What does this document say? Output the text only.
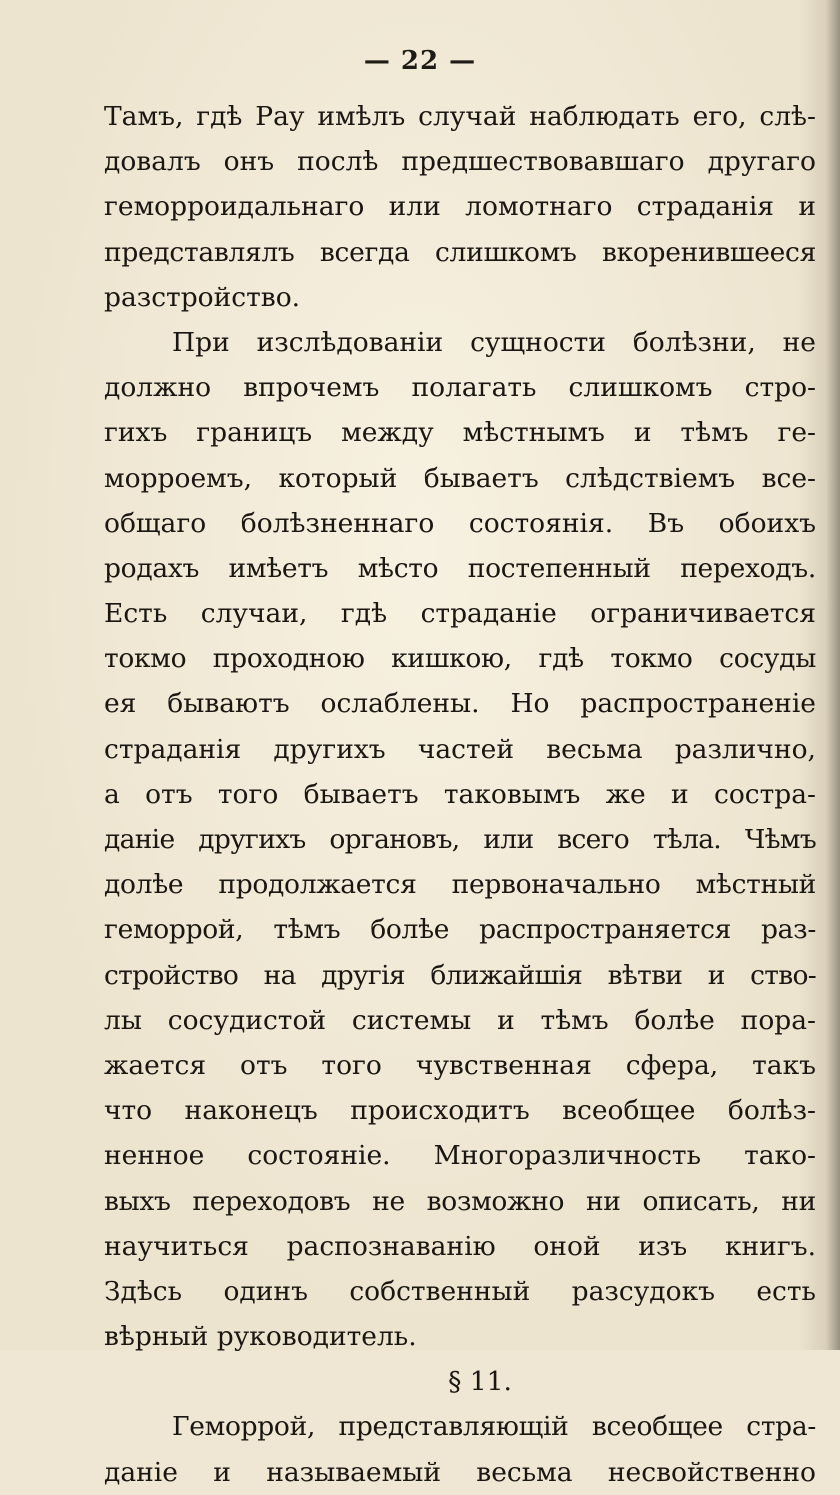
— 22 —
Тамъ, гдѣ Рау имѣлъ случай наблюдать его, слѣ-
довалъ онъ послѣ предшествовавшаго другаго
геморроидальнаго или ломотнаго страданія и
представлялъ всегда слишкомъ вкоренившееся
разстройство.
При изслѣдованіи сущности болѣзни, не
должно впрочемъ полагать слишкомъ стро-
гихъ границъ между мѣстнымъ и тѣмъ ге-
морроемъ, который бываетъ слѣдствіемъ все-
общаго болѣзненнаго состоянія. Въ обоихъ
родахъ имѣетъ мѣсто постепенный переходъ.
Есть случаи, гдѣ страданіе ограничивается
токмо проходною кишкою, гдѣ токмо сосуды
ея бываютъ ослаблены. Но распространеніе
страданія другихъ частей весьма различно,
а отъ того бываетъ таковымъ же и состра-
даніе другихъ органовъ, или всего тѣла. Чѣмъ
долѣе продолжается первоначально мѣстный
геморрой, тѣмъ болѣе распространяется раз-
стройство на другія ближайшія вѣтви и ство-
лы сосудистой системы и тѣмъ болѣе пора-
жается отъ того чувственная сфера, такъ
что наконецъ происходитъ всеобщее болѣз-
ненное состояніе. Многоразличность тако-
выхъ переходовъ не возможно ни описать, ни
научиться распознаванію оной изъ книгъ.
Здѣсь одинъ собственный разсудокъ есть
вѣрный руководитель.
§ 11.
Геморрой, представляющій всеобщее стра-
даніе и называемый весьма несвойственно
